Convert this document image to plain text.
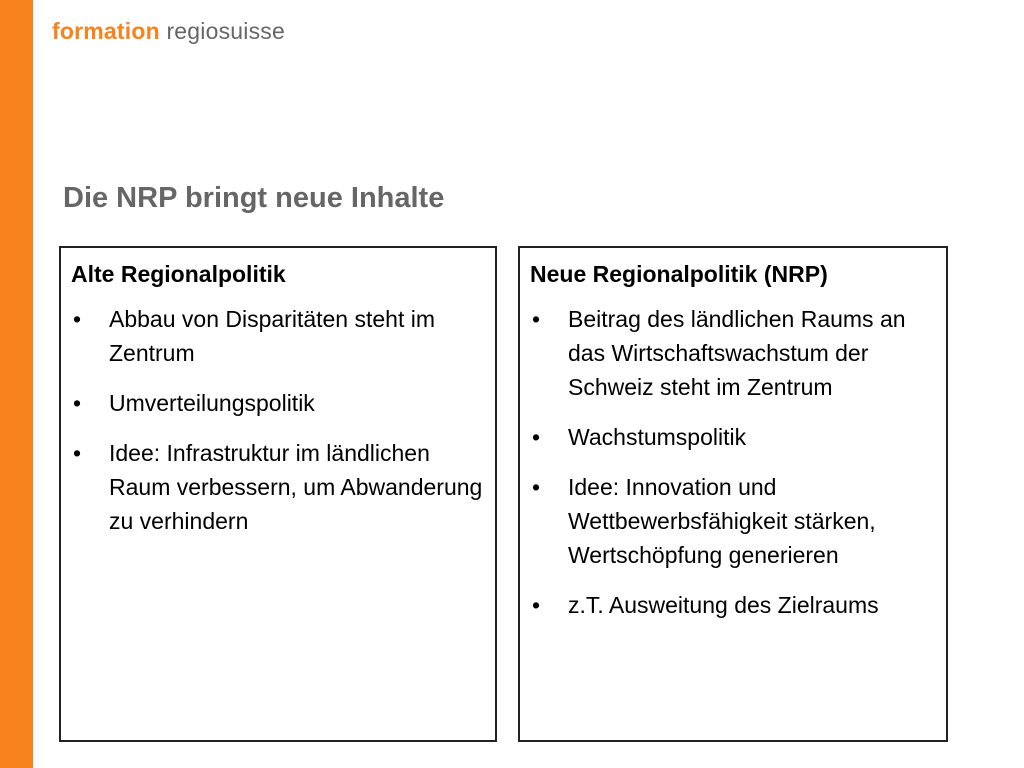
formation regiosuisse
Die NRP bringt neue Inhalte
Alte Regionalpolitik
• Abbau von Disparitäten steht im Zentrum
• Umverteilungspolitik
• Idee: Infrastruktur im ländlichen Raum verbessern, um Abwanderung zu verhindern
Neue Regionalpolitik (NRP)
• Beitrag des ländlichen Raums an das Wirtschaftswachstum der Schweiz steht im Zentrum
• Wachstumspolitik
• Idee: Innovation und Wettbewerbsfähigkeit stärken, Wertschöpfung generieren
• z.T. Ausweitung des Zielraums
